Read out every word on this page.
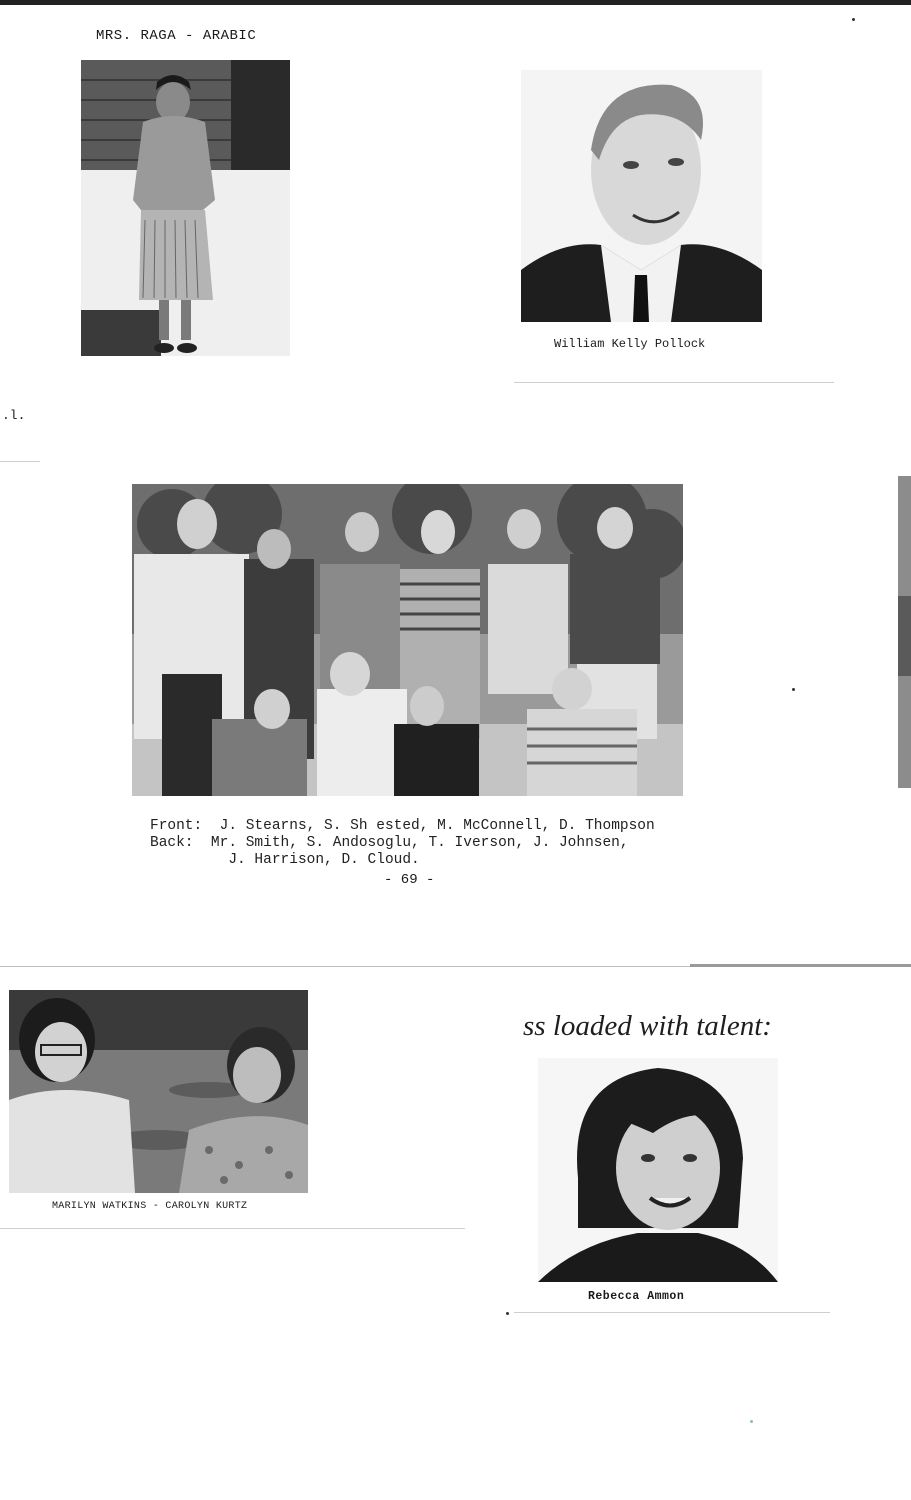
MRS. RAGA - ARABIC
William Kelly Pollock
.l.
Front: J. Stearns, S. Sh ested, M. McConnell, D. Thompson
Back: Mr. Smith, S. Andosoglu, T. Iverson, J. Johnsen,
J. Harrison, D. Cloud.
- 69 -
MARILYN WATKINS - CAROLYN KURTZ
ss loaded with talent:
Rebecca Ammon
